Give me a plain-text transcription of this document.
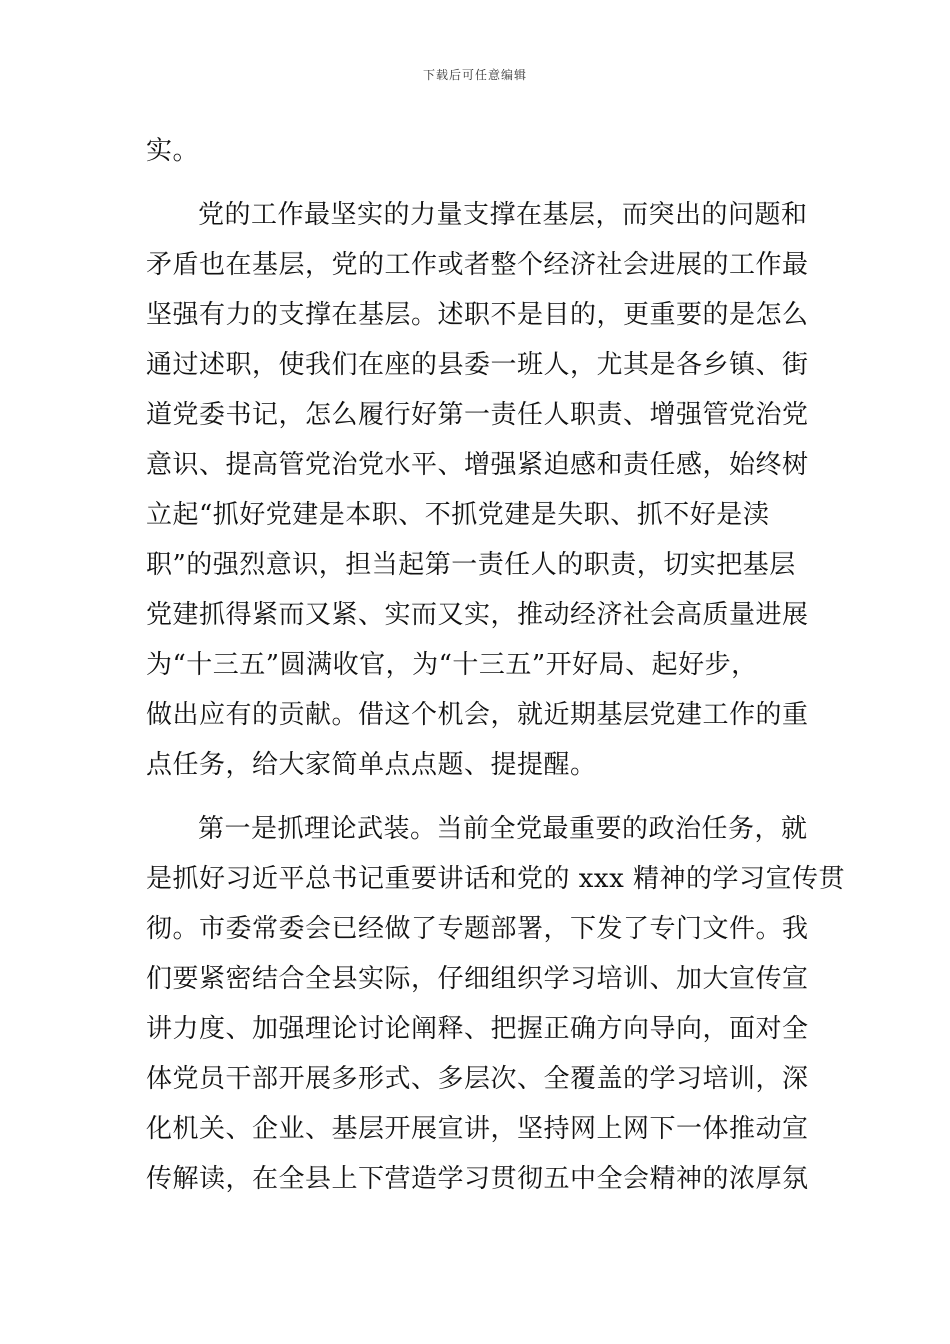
下载后可任意编辑
实。
党的工作最坚实的力量支撑在基层，而突出的问题和
矛盾也在基层，党的工作或者整个经济社会进展的工作最
坚强有力的支撑在基层。述职不是目的，更重要的是怎么
通过述职，使我们在座的县委一班人，尤其是各乡镇、街
道党委书记，怎么履行好第一责任人职责、增强管党治党
意识、提高管党治党水平、增强紧迫感和责任感，始终树
立起“抓好党建是本职、不抓党建是失职、抓不好是渎
职”的强烈意识，担当起第一责任人的职责，切实把基层
党建抓得紧而又紧、实而又实，推动经济社会高质量进展
为“十三五”圆满收官，为“十三五”开好局、起好步，
做出应有的贡献。借这个机会，就近期基层党建工作的重
点任务，给大家简单点点题、提提醒。
第一是抓理论武装。当前全党最重要的政治任务，就
是抓好习近平总书记重要讲话和党的 xxx 精神的学习宣传贯
彻。市委常委会已经做了专题部署，下发了专门文件。我
们要紧密结合全县实际，仔细组织学习培训、加大宣传宣
讲力度、加强理论讨论阐释、把握正确方向导向，面对全
体党员干部开展多形式、多层次、全覆盖的学习培训，深
化机关、企业、基层开展宣讲，坚持网上网下一体推动宣
传解读，在全县上下营造学习贯彻五中全会精神的浓厚氛
